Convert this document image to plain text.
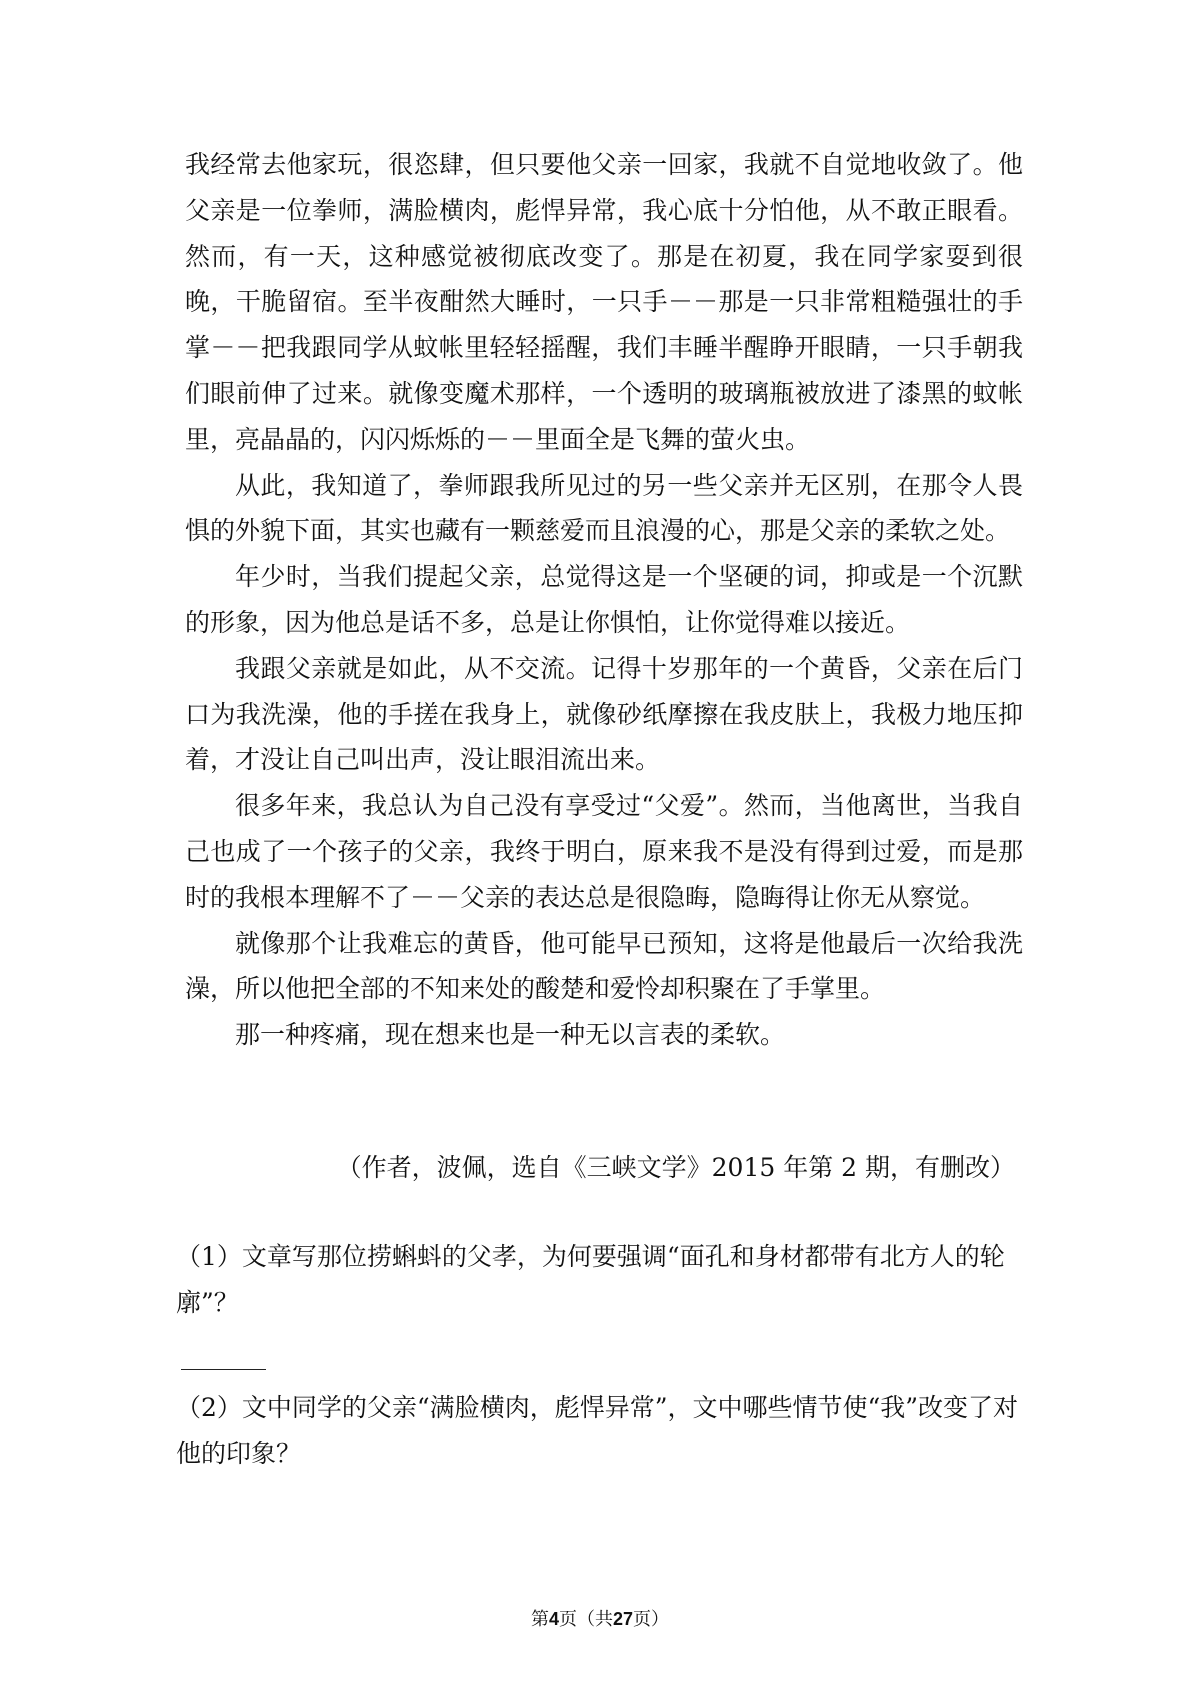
我经常去他家玩，很恣肆，但只要他父亲一回家，我就不自觉地收敛了。他父亲是一位拳师，满脸横肉，彪悍异常，我心底十分怕他，从不敢正眼看。然而，有一天，这种感觉被彻底改变了。那是在初夏，我在同学家耍到很晚，干脆留宿。至半夜酣然大睡时，一只手－－那是一只非常粗糙强壮的手掌－－把我跟同学从蚊帐里轻轻摇醒，我们丰睡半醒睁开眼睛，一只手朝我们眼前伸了过来。就像变魔术那样，一个透明的玻璃瓶被放进了漆黑的蚊帐里，亮晶晶的，闪闪烁烁的－－里面全是飞舞的萤火虫。

从此，我知道了，拳师跟我所见过的另一些父亲并无区别，在那令人畏惧的外貌下面，其实也藏有一颗慈爱而且浪漫的心，那是父亲的柔软之处。

年少时，当我们提起父亲，总觉得这是一个坚硬的词，抑或是一个沉默的形象，因为他总是话不多，总是让你惧怕，让你觉得难以接近。

我跟父亲就是如此，从不交流。记得十岁那年的一个黄昏，父亲在后门口为我洗澡，他的手搓在我身上，就像砂纸摩擦在我皮肤上，我极力地压抑着，才没让自己叫出声，没让眼泪流出来。

很多年来，我总认为自己没有享受过“父爱”。然而，当他离世，当我自己也成了一个孩子的父亲，我终于明白，原来我不是没有得到过爱，而是那时的我根本理解不了－－父亲的表达总是很隐晦，隐晦得让你无从察觉。

就像那个让我难忘的黄昏，他可能早已预知，这将是他最后一次给我洗澡，所以他把全部的不知来处的酸楚和爱怜却积聚在了手掌里。

那一种疼痛，现在想来也是一种无以言表的柔软。

（作者，波佩，选自《三峡文学》2015 年第 2 期，有删改）

（1）文章写那位捞蝌蚪的父孝，为何要强调“面孔和身材都带有北方人的轮廓”？

（2）文中同学的父亲“满脸横肉，彪悍异常”，文中哪些情节使“我”改变了对他的印象？

第4页（共27页）
